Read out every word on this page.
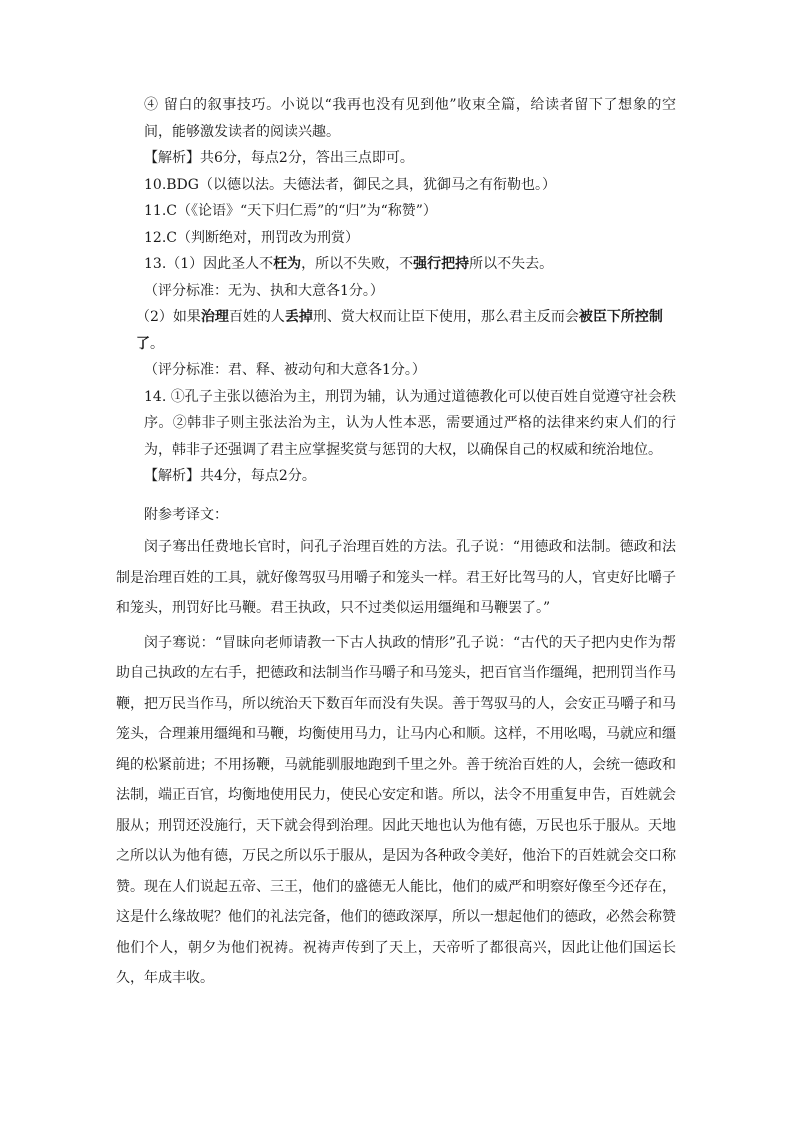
④ 留白的叙事技巧。小说以“我再也没有见到他”收束全篇，给读者留下了想象的空间，能够激发读者的阅读兴趣。
【解析】共6分，每点2分，答出三点即可。
10.BDG（以德以法。夫德法者，御民之具，犹御马之有衔勒也。）
11.C（《论语》“天下归仁焉”的“归”为“称赞”）
12.C（判断绝对，刑罚改为刑赏）
13.（1）因此圣人不枉为，所以不失败，不强行把持所以不失去。
（评分标准：无为、执和大意各1分。）
（2）如果治理百姓的人丢掉刑、赏大权而让臣下使用，那么君主反而会被臣下所控制
了。
（评分标准：君、释、被动句和大意各1分。）
14. ①孔子主张以德治为主，刑罚为辅，认为通过道德教化可以使百姓自觉遵守社会秩序。②韩非子则主张法治为主，认为人性本恶，需要通过严格的法律来约束人们的行为，韩非子还强调了君主应掌握奖赏与惩罚的大权，以确保自己的权威和统治地位。
【解析】共4分，每点2分。
附参考译文：
闵子骞出任费地长官时，问孔子治理百姓的方法。孔子说：“用德政和法制。德政和法制是治理百姓的工具，就好像驾驭马用嚼子和笼头一样。君王好比驾马的人，官吏好比嚼子和笼头，刑罚好比马鞭。君王执政，只不过类似运用缰绳和马鞭罢了。”
闵子骞说：“冒昧向老师请教一下古人执政的情形”孔子说：“古代的天子把内史作为帮助自己执政的左右手，把德政和法制当作马嚼子和马笼头，把百官当作缰绳，把刑罚当作马鞭，把万民当作马，所以统治天下数百年而没有失误。善于驾驭马的人，会安正马嚼子和马笼头，合理兼用缰绳和马鞭，均衡使用马力，让马内心和顺。这样，不用吆喝，马就应和缰绳的松紧前进；不用扬鞭，马就能驯服地跑到千里之外。善于统治百姓的人，会统一德政和法制，端正百官，均衡地使用民力，使民心安定和谐。所以，法令不用重复申告，百姓就会服从；刑罚还没施行，天下就会得到治理。因此天地也认为他有德，万民也乐于服从。天地之所以认为他有德，万民之所以乐于服从，是因为各种政令美好，他治下的百姓就会交口称赞。现在人们说起五帝、三王，他们的盛德无人能比，他们的威严和明察好像至今还存在，这是什么缘故呢？他们的礼法完备，他们的德政深厚，所以一想起他们的德政，必然会称赞他们个人，朝夕为他们祝祷。祝祷声传到了天上，天帝听了都很高兴，因此让他们国运长久，年成丰收。
